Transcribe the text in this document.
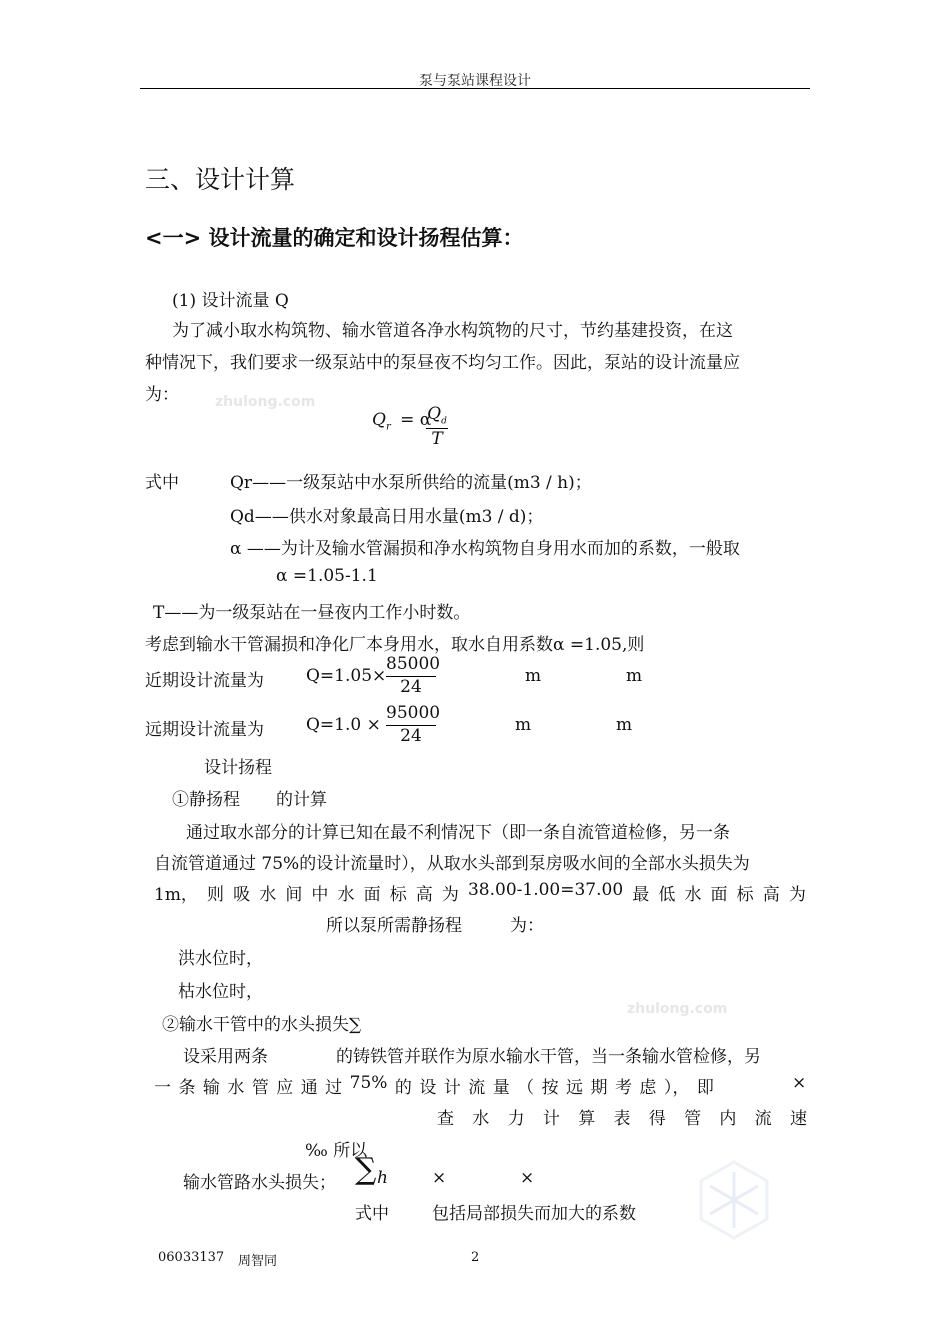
泵与泵站课程设计
三、设计计算
<一> 设计流量的确定和设计扬程估算：
(1) 设计流量 Q
为了减小取水构筑物、输水管道各净水构筑物的尺寸，节约基建投资，在这
种情况下，我们要求一级泵站中的泵昼夜不均匀工作。因此，泵站的设计流量应
为：	zhulong.com
$Q_r = \alpha$
$\frac{Q_d}{T}$
式中	Qr——一级泵站中水泵所供给的流量(m3 / h)；
Qd——供水对象最高日用水量(m3 / d)；
α ——为计及输水管漏损和净水构筑物自身用水而加的系数，一般取
α =1.05-1.1
T——为一级泵站在一昼夜内工作小时数。
考虑到输水干管漏损和净化厂本身用水，取水自用系数α =1.05,则
近期设计流量为 $Q=1.05\times \frac{85000}{24}$	m	m
远期设计流量为 $Q=1.0 \times \frac{95000}{24}$	m	m
设计扬程
①静扬程 的计算
通过取水部分的计算已知在最不利情况下（即一条自流管道检修，另一条
自流管道通过 75%的设计流量时），从取水头部到泵房吸水间的全部水头损失为
1m， 则 吸 水 间 中 水 面 标 高 为 38.00-1.00=37.00 最 低 水 面 标 高 为
所以泵所需静扬程	为：
洪水位时，
枯水位时，
zhulong.com
②输水干管中的水头损失∑
设采用两条	的铸铁管并联作为原水输水干管，当一条输水管检修，另
一 条 输 水 管 应 通 过 75% 的 设 计 流 量 （ 按 远 期 考 虑 ）， 即	×
查 水 力 计 算 表 得 管 内 流 速
‰ 所以
输水管路水头损失； ∑ h	×	×
式中	包括局部损失而加大的系数
06033137 周智同	2
